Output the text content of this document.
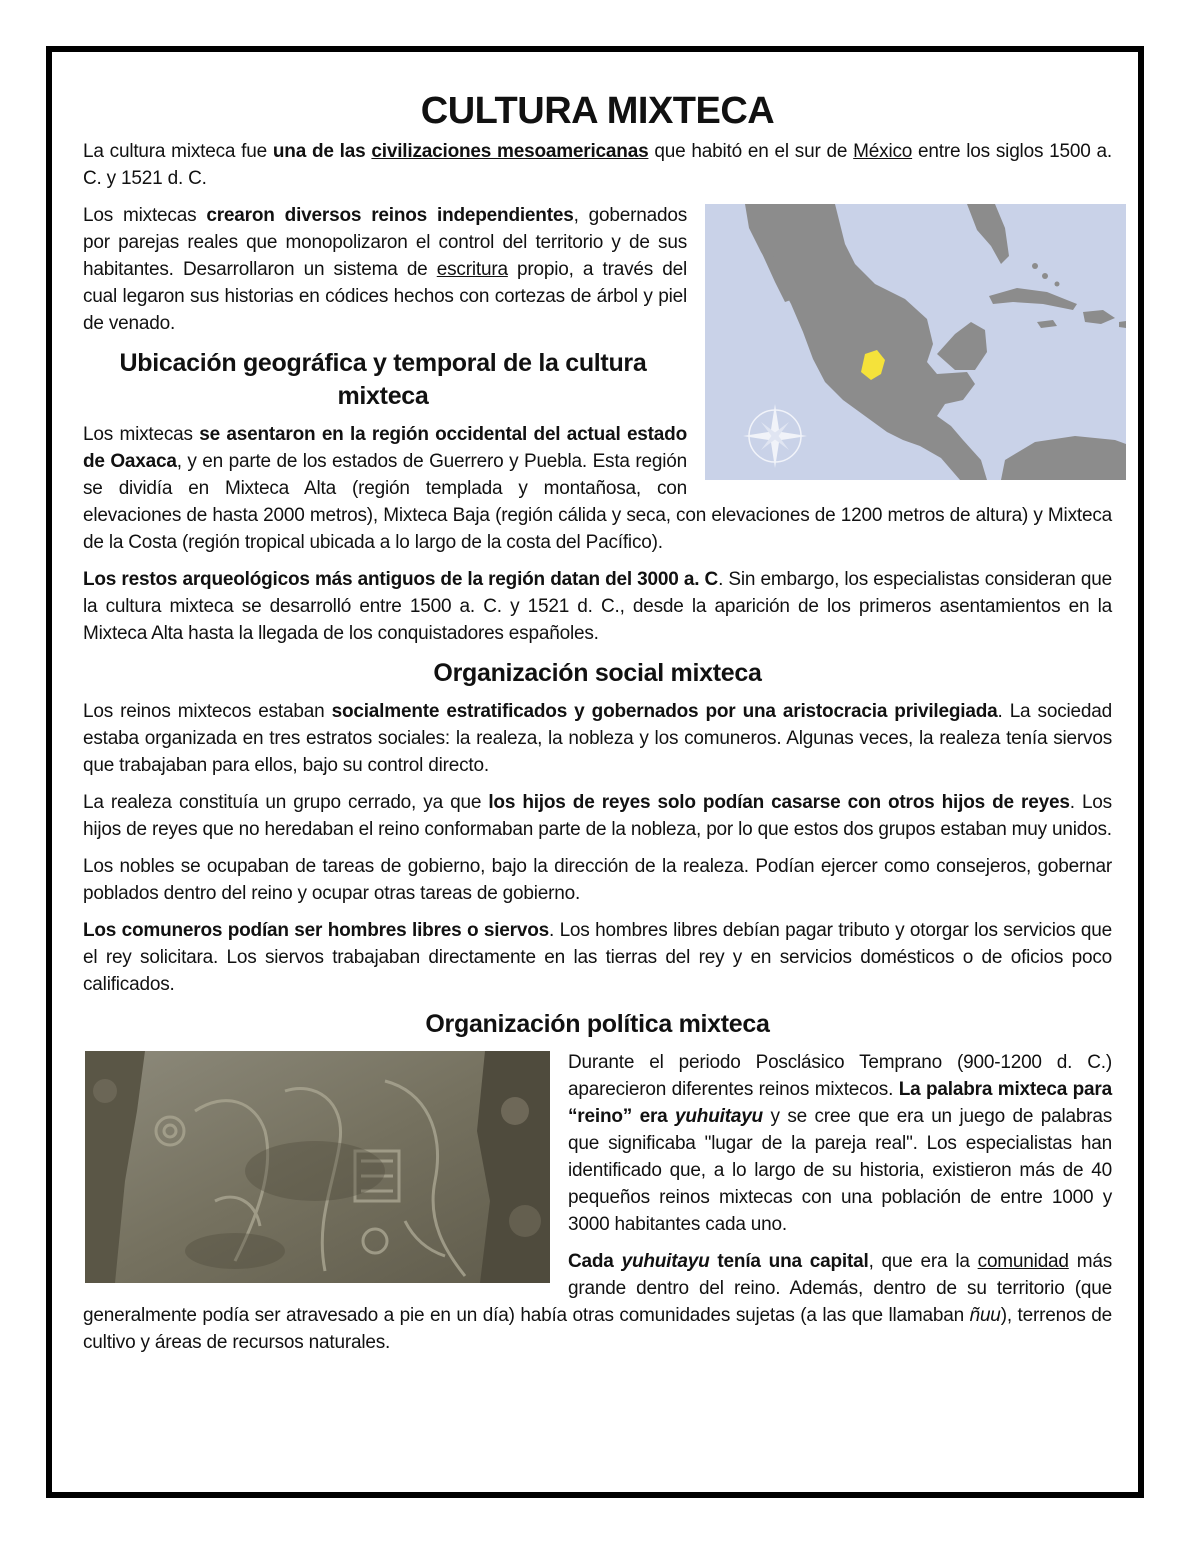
CULTURA MIXTECA

La cultura mixteca fue una de las civilizaciones mesoamericanas que habitó en el sur de México entre los siglos 1500 a. C. y 1521 d. C.

Los mixtecas crearon diversos reinos independientes, gobernados por parejas reales que monopolizaron el control del territorio y de sus habitantes. Desarrollaron un sistema de escritura propio, a través del cual legaron sus historias en códices hechos con cortezas de árbol y piel de venado.

Ubicación geográfica y temporal de la cultura mixteca

Los mixtecas se asentaron en la región occidental del actual estado de Oaxaca, y en parte de los estados de Guerrero y Puebla. Esta región se dividía en Mixteca Alta (región templada y montañosa, con elevaciones de hasta 2000 metros), Mixteca Baja (región cálida y seca, con elevaciones de 1200 metros de altura) y Mixteca de la Costa (región tropical ubicada a lo largo de la costa del Pacífico).

Los restos arqueológicos más antiguos de la región datan del 3000 a. C. Sin embargo, los especialistas consideran que la cultura mixteca se desarrolló entre 1500 a. C. y 1521 d. C., desde la aparición de los primeros asentamientos en la Mixteca Alta hasta la llegada de los conquistadores españoles.

Organización social mixteca

Los reinos mixtecos estaban socialmente estratificados y gobernados por una aristocracia privilegiada. La sociedad estaba organizada en tres estratos sociales: la realeza, la nobleza y los comuneros. Algunas veces, la realeza tenía siervos que trabajaban para ellos, bajo su control directo.

La realeza constituía un grupo cerrado, ya que los hijos de reyes solo podían casarse con otros hijos de reyes. Los hijos de reyes que no heredaban el reino conformaban parte de la nobleza, por lo que estos dos grupos estaban muy unidos.

Los nobles se ocupaban de tareas de gobierno, bajo la dirección de la realeza. Podían ejercer como consejeros, gobernar poblados dentro del reino y ocupar otras tareas de gobierno.

Los comuneros podían ser hombres libres o siervos. Los hombres libres debían pagar tributo y otorgar los servicios que el rey solicitara. Los siervos trabajaban directamente en las tierras del rey y en servicios domésticos o de oficios poco calificados.

Organización política mixteca

Durante el periodo Posclásico Temprano (900-1200 d. C.) aparecieron diferentes reinos mixtecos. La palabra mixteca para “reino” era yuhuitayu y se cree que era un juego de palabras que significaba "lugar de la pareja real". Los especialistas han identificado que, a lo largo de su historia, existieron más de 40 pequeños reinos mixtecas con una población de entre 1000 y 3000 habitantes cada uno.

Cada yuhuitayu tenía una capital, que era la comunidad más grande dentro del reino. Además, dentro de su territorio (que generalmente podía ser atravesado a pie en un día) había otras comunidades sujetas (a las que llamaban ñuu), terrenos de cultivo y áreas de recursos naturales.
